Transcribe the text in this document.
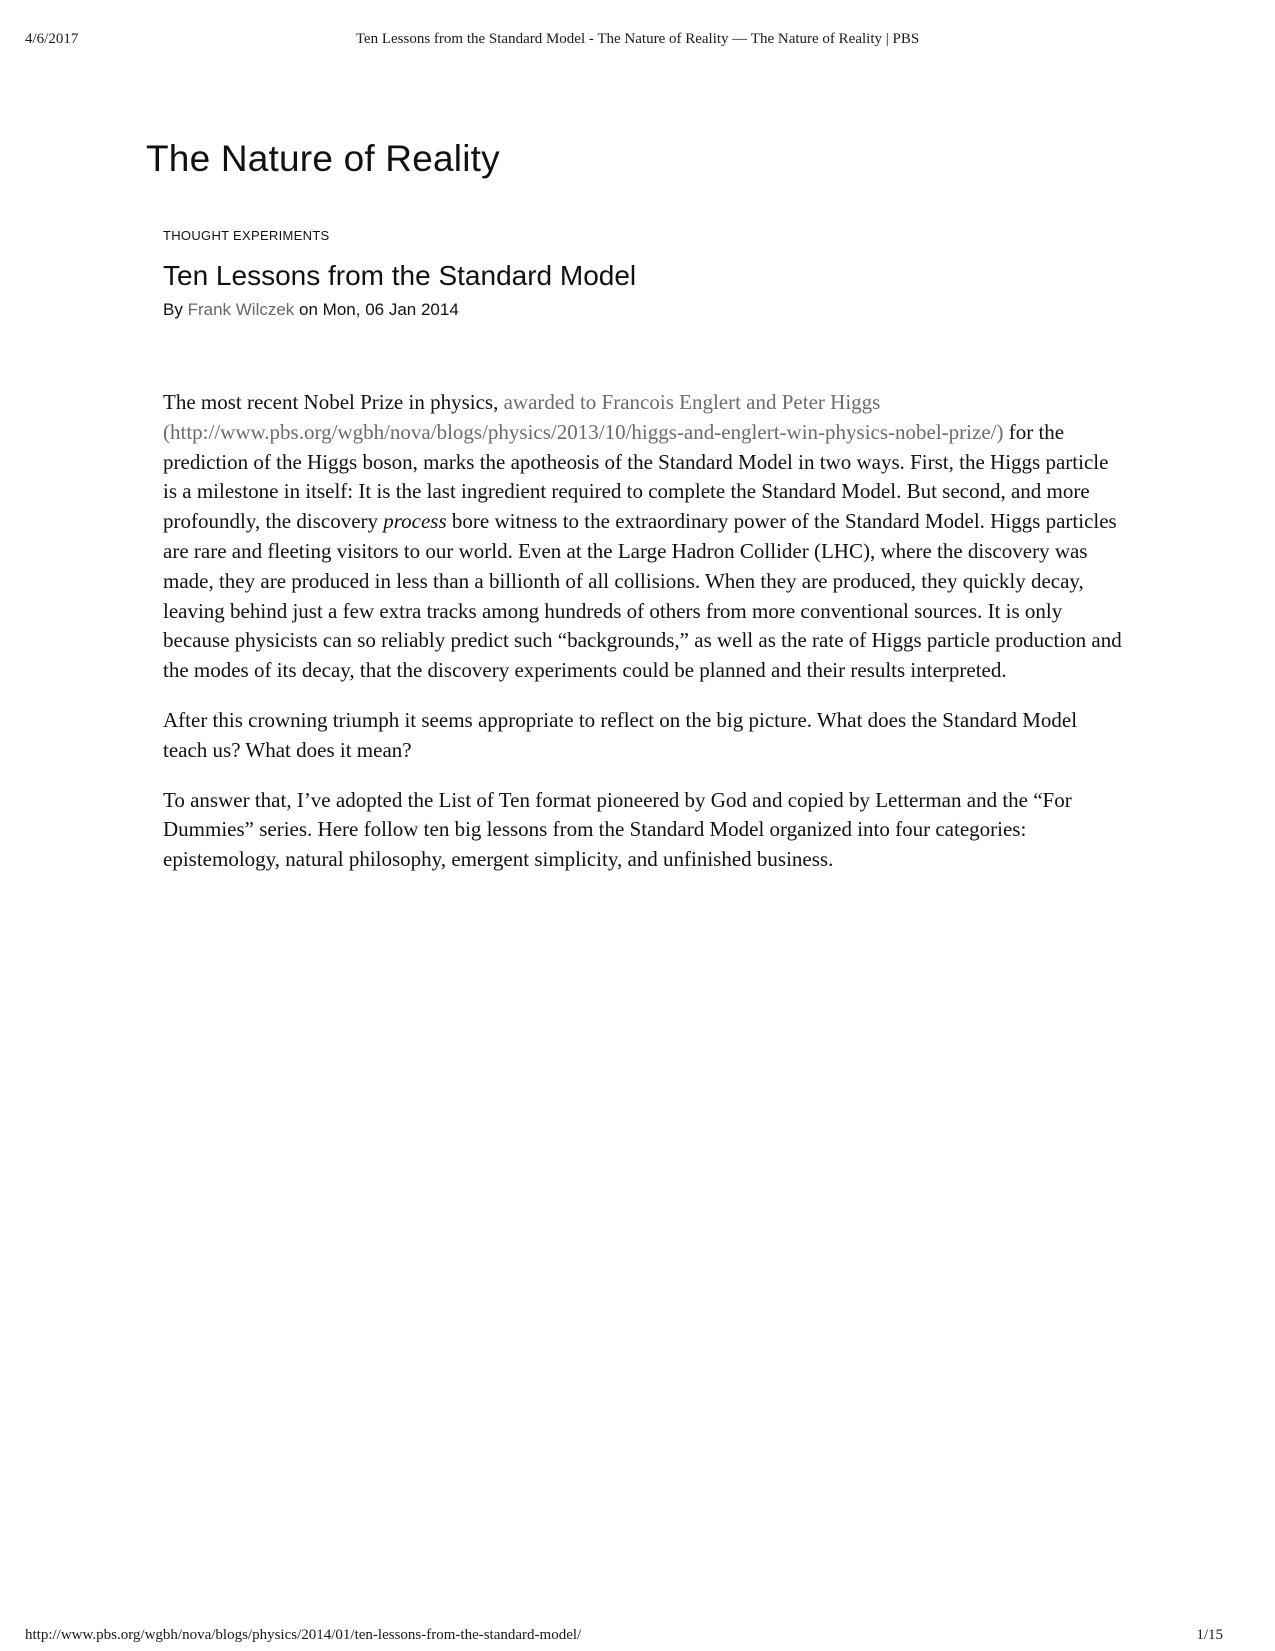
4/6/2017	Ten Lessons from the Standard Model - The Nature of Reality — The Nature of Reality | PBS
The Nature of Reality

THOUGHT EXPERIMENTS

Ten Lessons from the Standard Model

By Frank Wilczek on Mon, 06 Jan 2014

The most recent Nobel Prize in physics, awarded to Francois Englert and Peter Higgs (http://www.pbs.org/wgbh/nova/blogs/physics/2013/10/higgs-and-englert-win-physics-nobel-prize/) for the prediction of the Higgs boson, marks the apotheosis of the Standard Model in two ways. First, the Higgs particle is a milestone in itself: It is the last ingredient required to complete the Standard Model. But second, and more profoundly, the discovery process bore witness to the extraordinary power of the Standard Model. Higgs particles are rare and fleeting visitors to our world. Even at the Large Hadron Collider (LHC), where the discovery was made, they are produced in less than a billionth of all collisions. When they are produced, they quickly decay, leaving behind just a few extra tracks among hundreds of others from more conventional sources. It is only because physicists can so reliably predict such “backgrounds,” as well as the rate of Higgs particle production and the modes of its decay, that the discovery experiments could be planned and their results interpreted.

After this crowning triumph it seems appropriate to reflect on the big picture. What does the Standard Model teach us? What does it mean?

To answer that, I’ve adopted the List of Ten format pioneered by God and copied by Letterman and the “For Dummies” series. Here follow ten big lessons from the Standard Model organized into four categories: epistemology, natural philosophy, emergent simplicity, and unfinished business.

http://www.pbs.org/wgbh/nova/blogs/physics/2014/01/ten-lessons-from-the-standard-model/	1/15
